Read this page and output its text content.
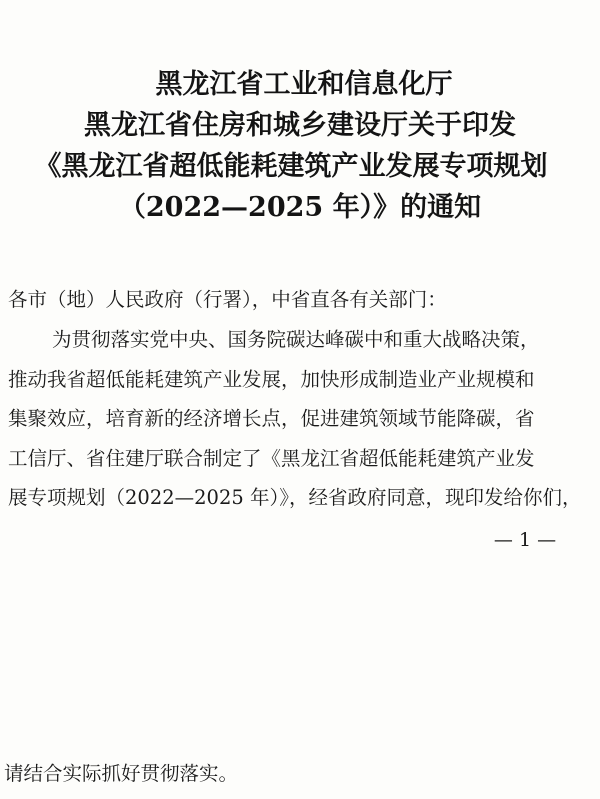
黑龙江省工业和信息化厅
黑龙江省住房和城乡建设厅关于印发
《黑龙江省超低能耗建筑产业发展专项规划
（2022—2025 年）》的通知
各市（地）人民政府（行署），中省直各有关部门：
为贯彻落实党中央、国务院碳达峰碳中和重大战略决策，
推动我省超低能耗建筑产业发展，加快形成制造业产业规模和
集聚效应，培育新的经济增长点，促进建筑领域节能降碳，省
工信厅、省住建厅联合制定了《黑龙江省超低能耗建筑产业发
展专项规划（2022—2025 年）》，经省政府同意，现印发给你们，
— 1 —
请结合实际抓好贯彻落实。
